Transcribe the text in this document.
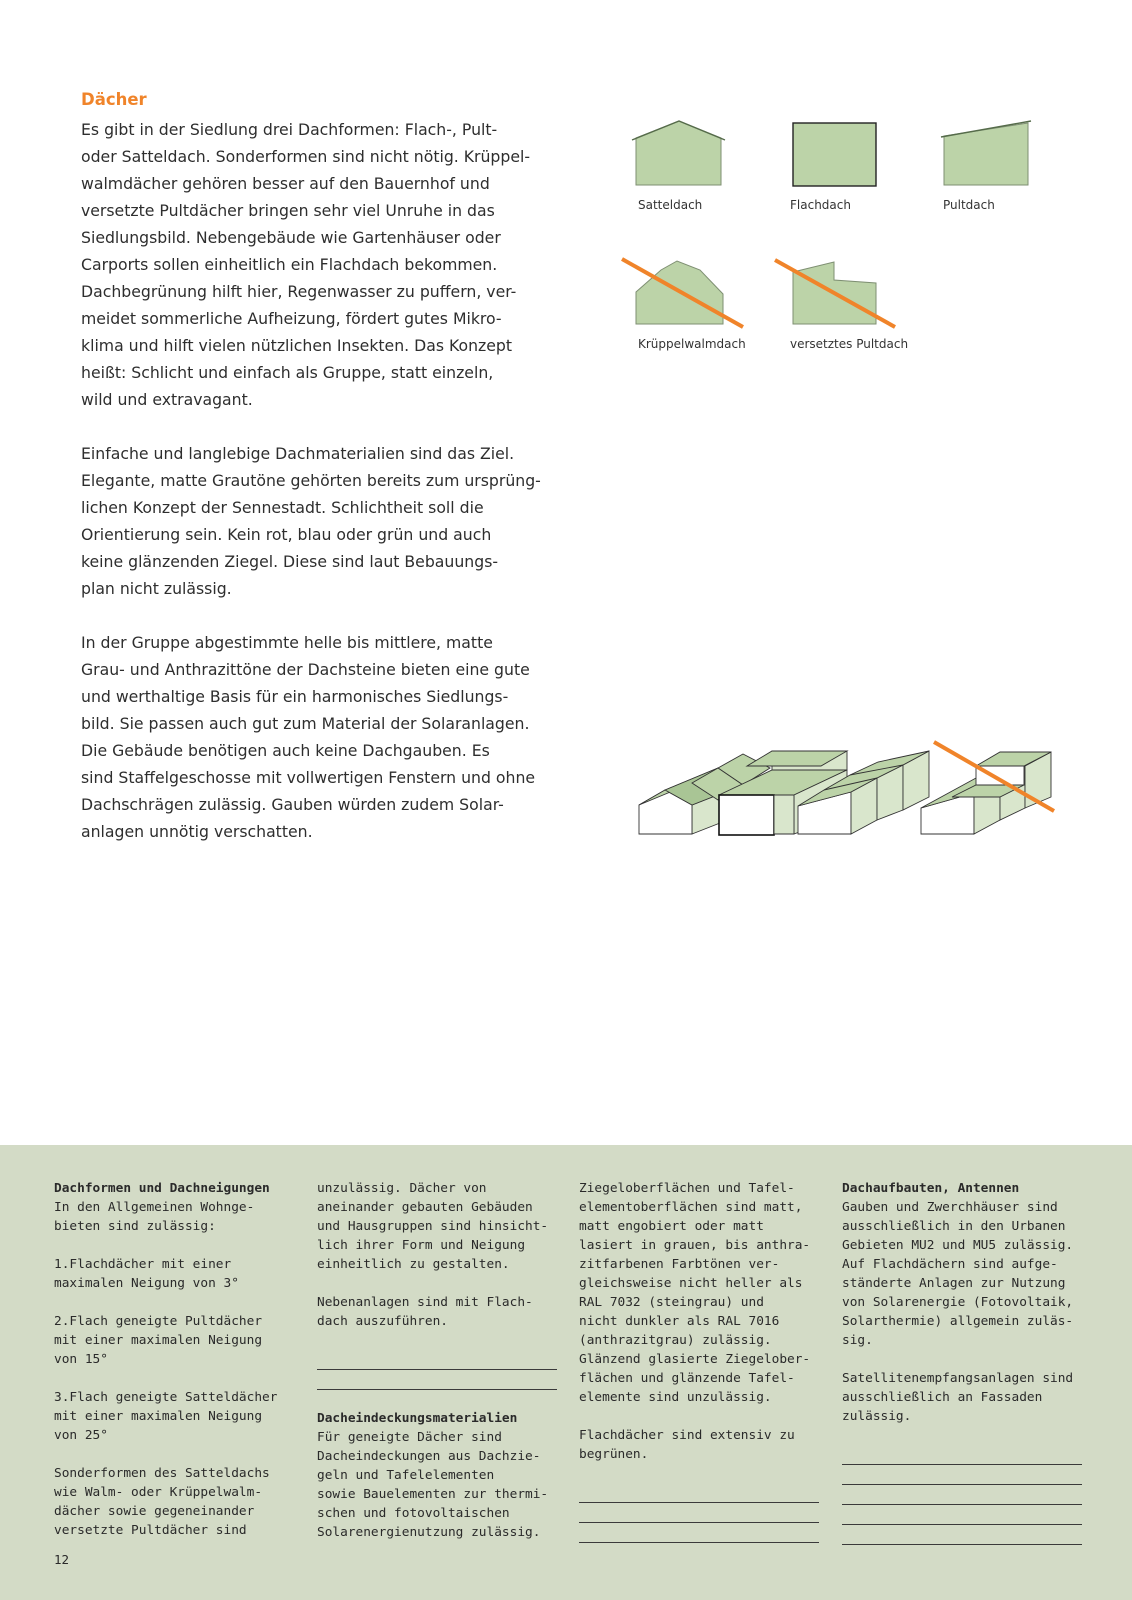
Dächer
Es gibt in der Siedlung drei Dachformen: Flach-, Pult-
oder Satteldach. Sonderformen sind nicht nötig. Krüppel-
walmdächer gehören besser auf den Bauernhof und
versetzte Pultdächer bringen sehr viel Unruhe in das
Siedlungsbild. Nebengebäude wie Gartenhäuser oder
Carports sollen einheitlich ein Flachdach bekommen.
Dachbegrünung hilft hier, Regenwasser zu puffern, ver-
meidet sommerliche Aufheizung, fördert gutes Mikro-
klima und hilft vielen nützlichen Insekten. Das Konzept
heißt: Schlicht und einfach als Gruppe, statt einzeln,
wild und extravagant.
Einfache und langlebige Dachmaterialien sind das Ziel.
Elegante, matte Grautöne gehörten bereits zum ursprüng-
lichen Konzept der Sennestadt. Schlichtheit soll die
Orientierung sein. Kein rot, blau oder grün und auch
keine glänzenden Ziegel. Diese sind laut Bebauungs-
plan nicht zulässig.
In der Gruppe abgestimmte helle bis mittlere, matte
Grau- und Anthrazittöne der Dachsteine bieten eine gute
und werthaltige Basis für ein harmonisches Siedlungs-
bild. Sie passen auch gut zum Material der Solaranlagen.
Die Gebäude benötigen auch keine Dachgauben. Es
sind Staffelgeschosse mit vollwertigen Fenstern und ohne
Dachschrägen zulässig. Gauben würden zudem Solar-
anlagen unnötig verschatten.
Satteldach	Flachdach	Pultdach
Krüppelwalmdach	versetztes Pultdach
Dachformen und Dachneigungen
In den Allgemeinen Wohnge-
bieten sind zulässig:
1.Flachdächer mit einer
maximalen Neigung von 3°
2.Flach geneigte Pultdächer
mit einer maximalen Neigung
von 15°
3.Flach geneigte Satteldächer
mit einer maximalen Neigung
von 25°
Sonderformen des Satteldachs
wie Walm- oder Krüppelwalm-
dächer sowie gegeneinander
versetzte Pultdächer sind
unzulässig. Dächer von
aneinander gebauten Gebäuden
und Hausgruppen sind hinsicht-
lich ihrer Form und Neigung
einheitlich zu gestalten.
Nebenanlagen sind mit Flach-
dach auszuführen.
Dacheindeckungsmaterialien
Für geneigte Dächer sind
Dacheindeckungen aus Dachzie-
geln und Tafelelementen
sowie Bauelementen zur thermi-
schen und fotovoltaischen
Solarenergienutzung zulässig.
Ziegeloberflächen und Tafel-
elementoberflächen sind matt,
matt engobiert oder matt
lasiert in grauen, bis anthra-
zitfarbenen Farbtönen ver-
gleichsweise nicht heller als
RAL 7032 (steingrau) und
nicht dunkler als RAL 7016
(anthrazitgrau) zulässig.
Glänzend glasierte Ziegelober-
flächen und glänzende Tafel-
elemente sind unzulässig.
Flachdächer sind extensiv zu
begrünen.
Dachaufbauten, Antennen
Gauben und Zwerchhäuser sind
ausschließlich in den Urbanen
Gebieten MU2 und MU5 zulässig.
Auf Flachdächern sind aufge-
ständerte Anlagen zur Nutzung
von Solarenergie (Fotovoltaik,
Solarthermie) allgemein zuläs-
sig.
Satellitenempfangsanlagen sind
ausschließlich an Fassaden
zulässig.
12
